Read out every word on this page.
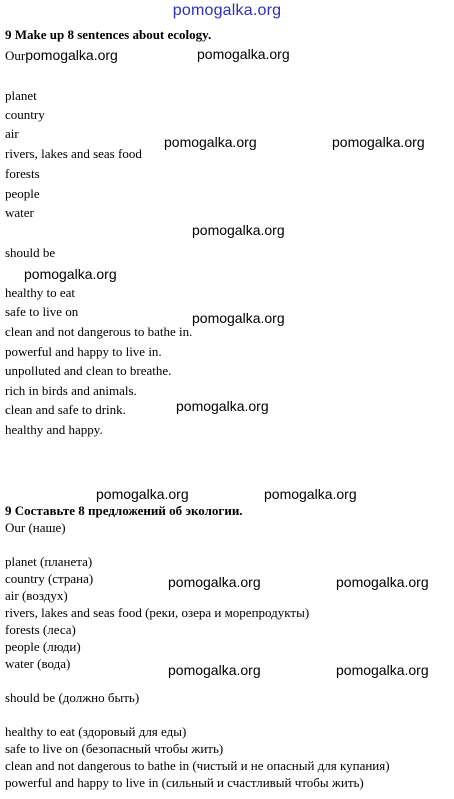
pomogalka.org
9 Make up 8 sentences about ecology.
Ourpomogalka.org
planet
country
air
rivers, lakes and seas food
forests
people
water
should be
healthy to eat
safe to live on
clean and not dangerous to bathe in.
powerful and happy to live in.
unpolluted and clean to breathe.
rich in birds and animals.
clean and safe to drink.
healthy and happy.
9 Составьте 8 предложений об экологии.
Our (наше)
planet (планета)
country (страна)
air (воздух)
rivers, lakes and seas food (реки, озера и морепродукты)
forests (леса)
people (люди)
water (вода)
should be (должно быть)
healthy to eat (здоровый для еды)
safe to live on (безопасный чтобы жить)
clean and not dangerous to bathe in (чистый и не опасный для купания)
powerful and happy to live in (сильный и счастливый чтобы жить)
pomogalka.org
pomogalka.org	pomogalka.org
pomogalka.org
pomogalka.org
pomogalka.org
pomogalka.org
pomogalka.org	pomogalka.org
pomogalka.org	pomogalka.org
pomogalka.org	pomogalka.org
